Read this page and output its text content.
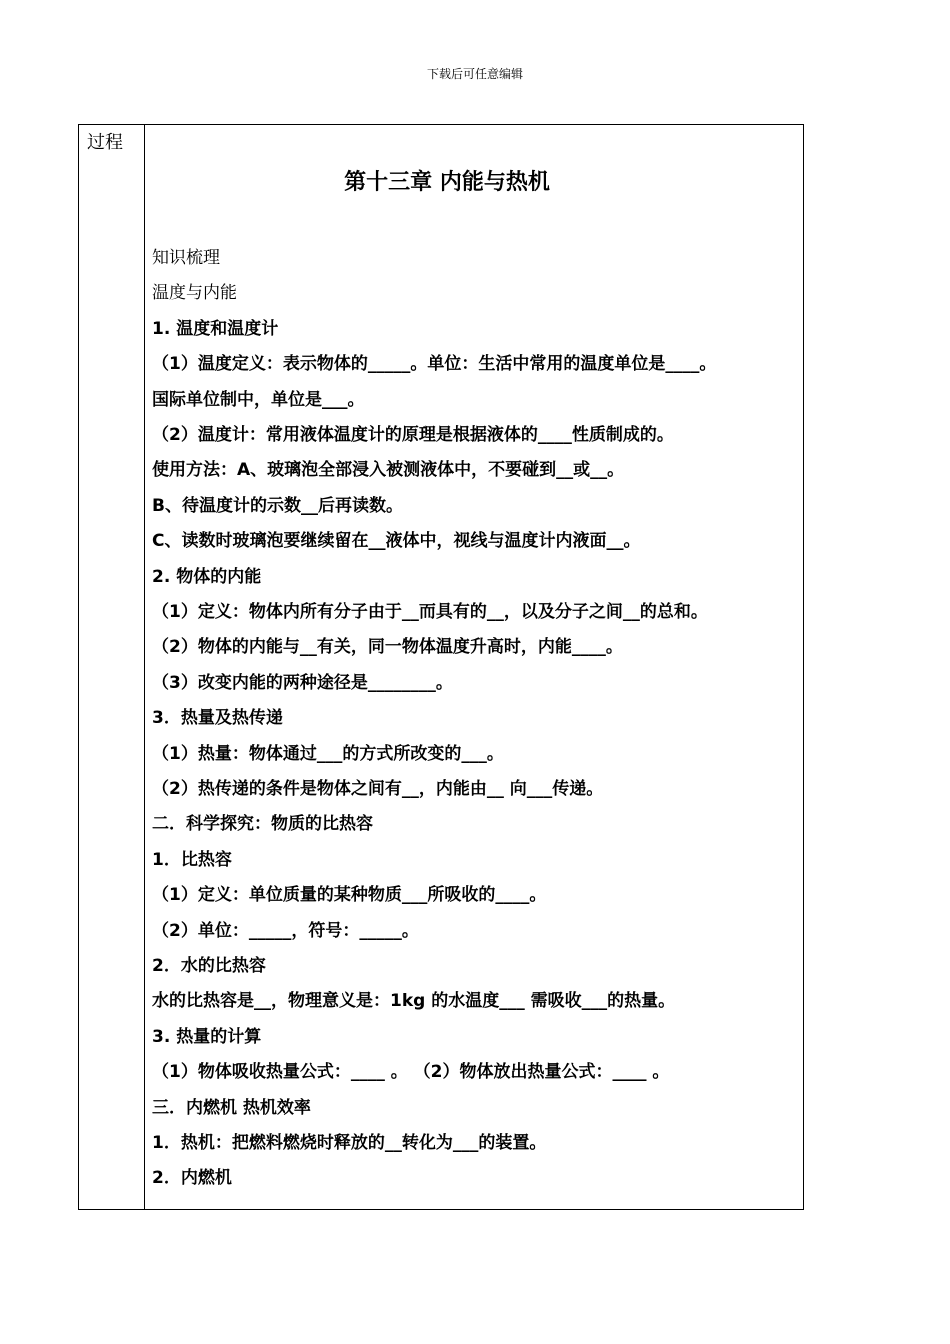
下载后可任意编辑
过程
第十三章 内能与热机
知识梳理
温度与内能
1. 温度和温度计
（1）温度定义：表示物体的_____。单位：生活中常用的温度单位是____。
国际单位制中，单位是___。
（2）温度计：常用液体温度计的原理是根据液体的____性质制成的。
使用方法：A、玻璃泡全部浸入被测液体中，不要碰到__或__。
B、待温度计的示数__后再读数。
C、读数时玻璃泡要继续留在__液体中，视线与温度计内液面__。
2. 物体的内能
（1）定义：物体内所有分子由于__而具有的__，以及分子之间__的总和。
（2）物体的内能与__有关，同一物体温度升高时，内能____。
（3）改变内能的两种途径是________。
3．热量及热传递
（1）热量：物体通过___的方式所改变的___。
（2）热传递的条件是物体之间有__，内能由__ 向___传递。
二．科学探究：物质的比热容
1．比热容
（1）定义：单位质量的某种物质___所吸收的____。
（2）单位：_____，符号：_____。
2．水的比热容
水的比热容是__，物理意义是：1kg 的水温度___ 需吸收___的热量。
3. 热量的计算
（1）物体吸收热量公式：____ 。 （2）物体放出热量公式：____ 。
三．内燃机 热机效率
1．热机：把燃料燃烧时释放的__转化为___的装置。
2．内燃机
